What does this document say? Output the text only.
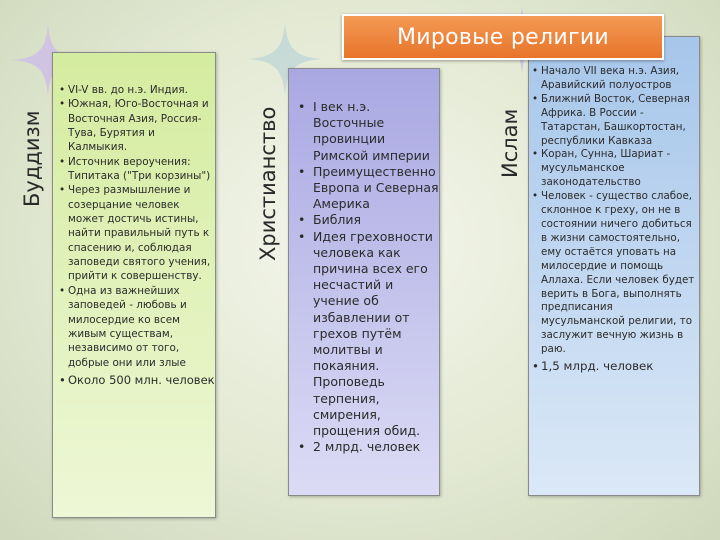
Мировые религии
Буддизм	Христианство	Ислам
• VI-V вв. до н.э. Индия.
• Южная, Юго-Восточная и Восточная Азия, Россия- Тува, Бурятия и Калмыкия.
• Источник вероучения: Типитака ("Три корзины")
• Через размышление и созерцание человек может достичь истины, найти правильный путь к спасению и, соблюдая заповеди святого учения, прийти к совершенству.
• Одна из важнейших заповедей - любовь и милосердие ко всем живым существам, независимо от того, добрые они или злые
• Около 500 млн. человек
• I век н.э. Восточные провинции Римской империи
• Преимущественно Европа и Северная Америка
• Библия
• Идея греховности человека как причина всех его несчастий и учение об избавлении от грехов путём молитвы и покаяния. Проповедь терпения, смирения, прощения обид.
• 2 млрд. человек
• Начало VII века н.э. Азия, Аравийский полуостров
• Ближний Восток, Северная Африка. В России - Татарстан, Башкортостан, республики Кавказа
• Коран, Сунна, Шариат - мусульманское законодательство
• Человек - существо слабое, склонное к греху, он не в состоянии ничего добиться в жизни самостоятельно, ему остаётся уповать на милосердие и помощь Аллаха. Если человек будет верить в Бога, выполнять предписания мусульманской религии, то заслужит вечную жизнь в раю.
• 1,5 млрд. человек
